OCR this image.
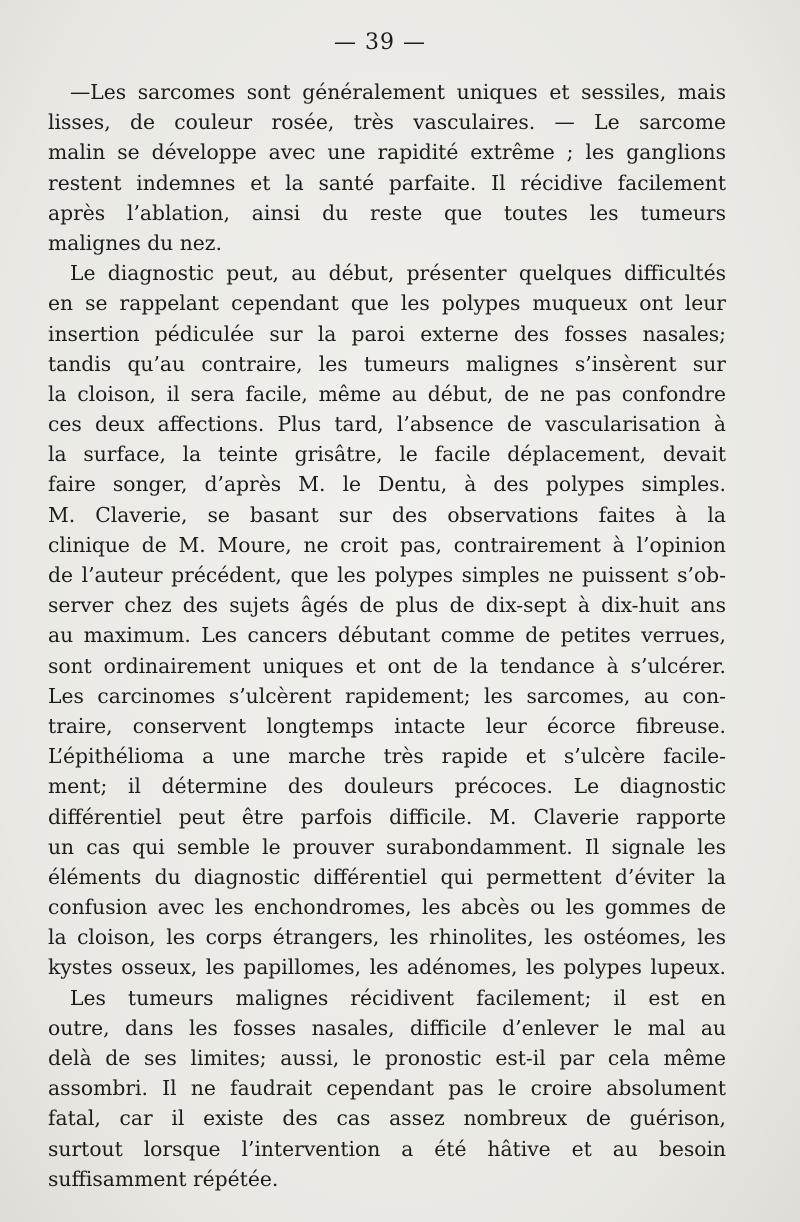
— 39 —
—Les sarcomes sont généralement uniques et sessiles, mais
lisses, de couleur rosée, très vasculaires. — Le sarcome
malin se développe avec une rapidité extrême ; les ganglions
restent indemnes et la santé parfaite. Il récidive facilement
après l’ablation, ainsi du reste que toutes les tumeurs
malignes du nez.
Le diagnostic peut, au début, présenter quelques difficultés
en se rappelant cependant que les polypes muqueux ont leur
insertion pédiculée sur la paroi externe des fosses nasales;
tandis qu’au contraire, les tumeurs malignes s’insèrent sur
la cloison, il sera facile, même au début, de ne pas confondre
ces deux affections. Plus tard, l’absence de vascularisation à
la surface, la teinte grisâtre, le facile déplacement, devait
faire songer, d’après M. le Dentu, à des polypes simples.
M. Claverie, se basant sur des observations faites à la
clinique de M. Moure, ne croit pas, contrairement à l’opinion
de l’auteur précédent, que les polypes simples ne puissent s’ob-
server chez des sujets âgés de plus de dix-sept à dix-huit ans
au maximum. Les cancers débutant comme de petites verrues,
sont ordinairement uniques et ont de la tendance à s’ulcérer.
Les carcinomes s’ulcèrent rapidement; les sarcomes, au con-
traire, conservent longtemps intacte leur écorce fibreuse.
L’épithélioma a une marche très rapide et s’ulcère facile-
ment; il détermine des douleurs précoces. Le diagnostic
différentiel peut être parfois difficile. M. Claverie rapporte
un cas qui semble le prouver surabondamment. Il signale les
éléments du diagnostic différentiel qui permettent d’éviter la
confusion avec les enchondromes, les abcès ou les gommes de
la cloison, les corps étrangers, les rhinolites, les ostéomes, les
kystes osseux, les papillomes, les adénomes, les polypes lupeux.
Les tumeurs malignes récidivent facilement; il est en
outre, dans les fosses nasales, difficile d’enlever le mal au
delà de ses limites; aussi, le pronostic est-il par cela même
assombri. Il ne faudrait cependant pas le croire absolument
fatal, car il existe des cas assez nombreux de guérison,
surtout lorsque l’intervention a été hâtive et au besoin
suffisamment répétée.
